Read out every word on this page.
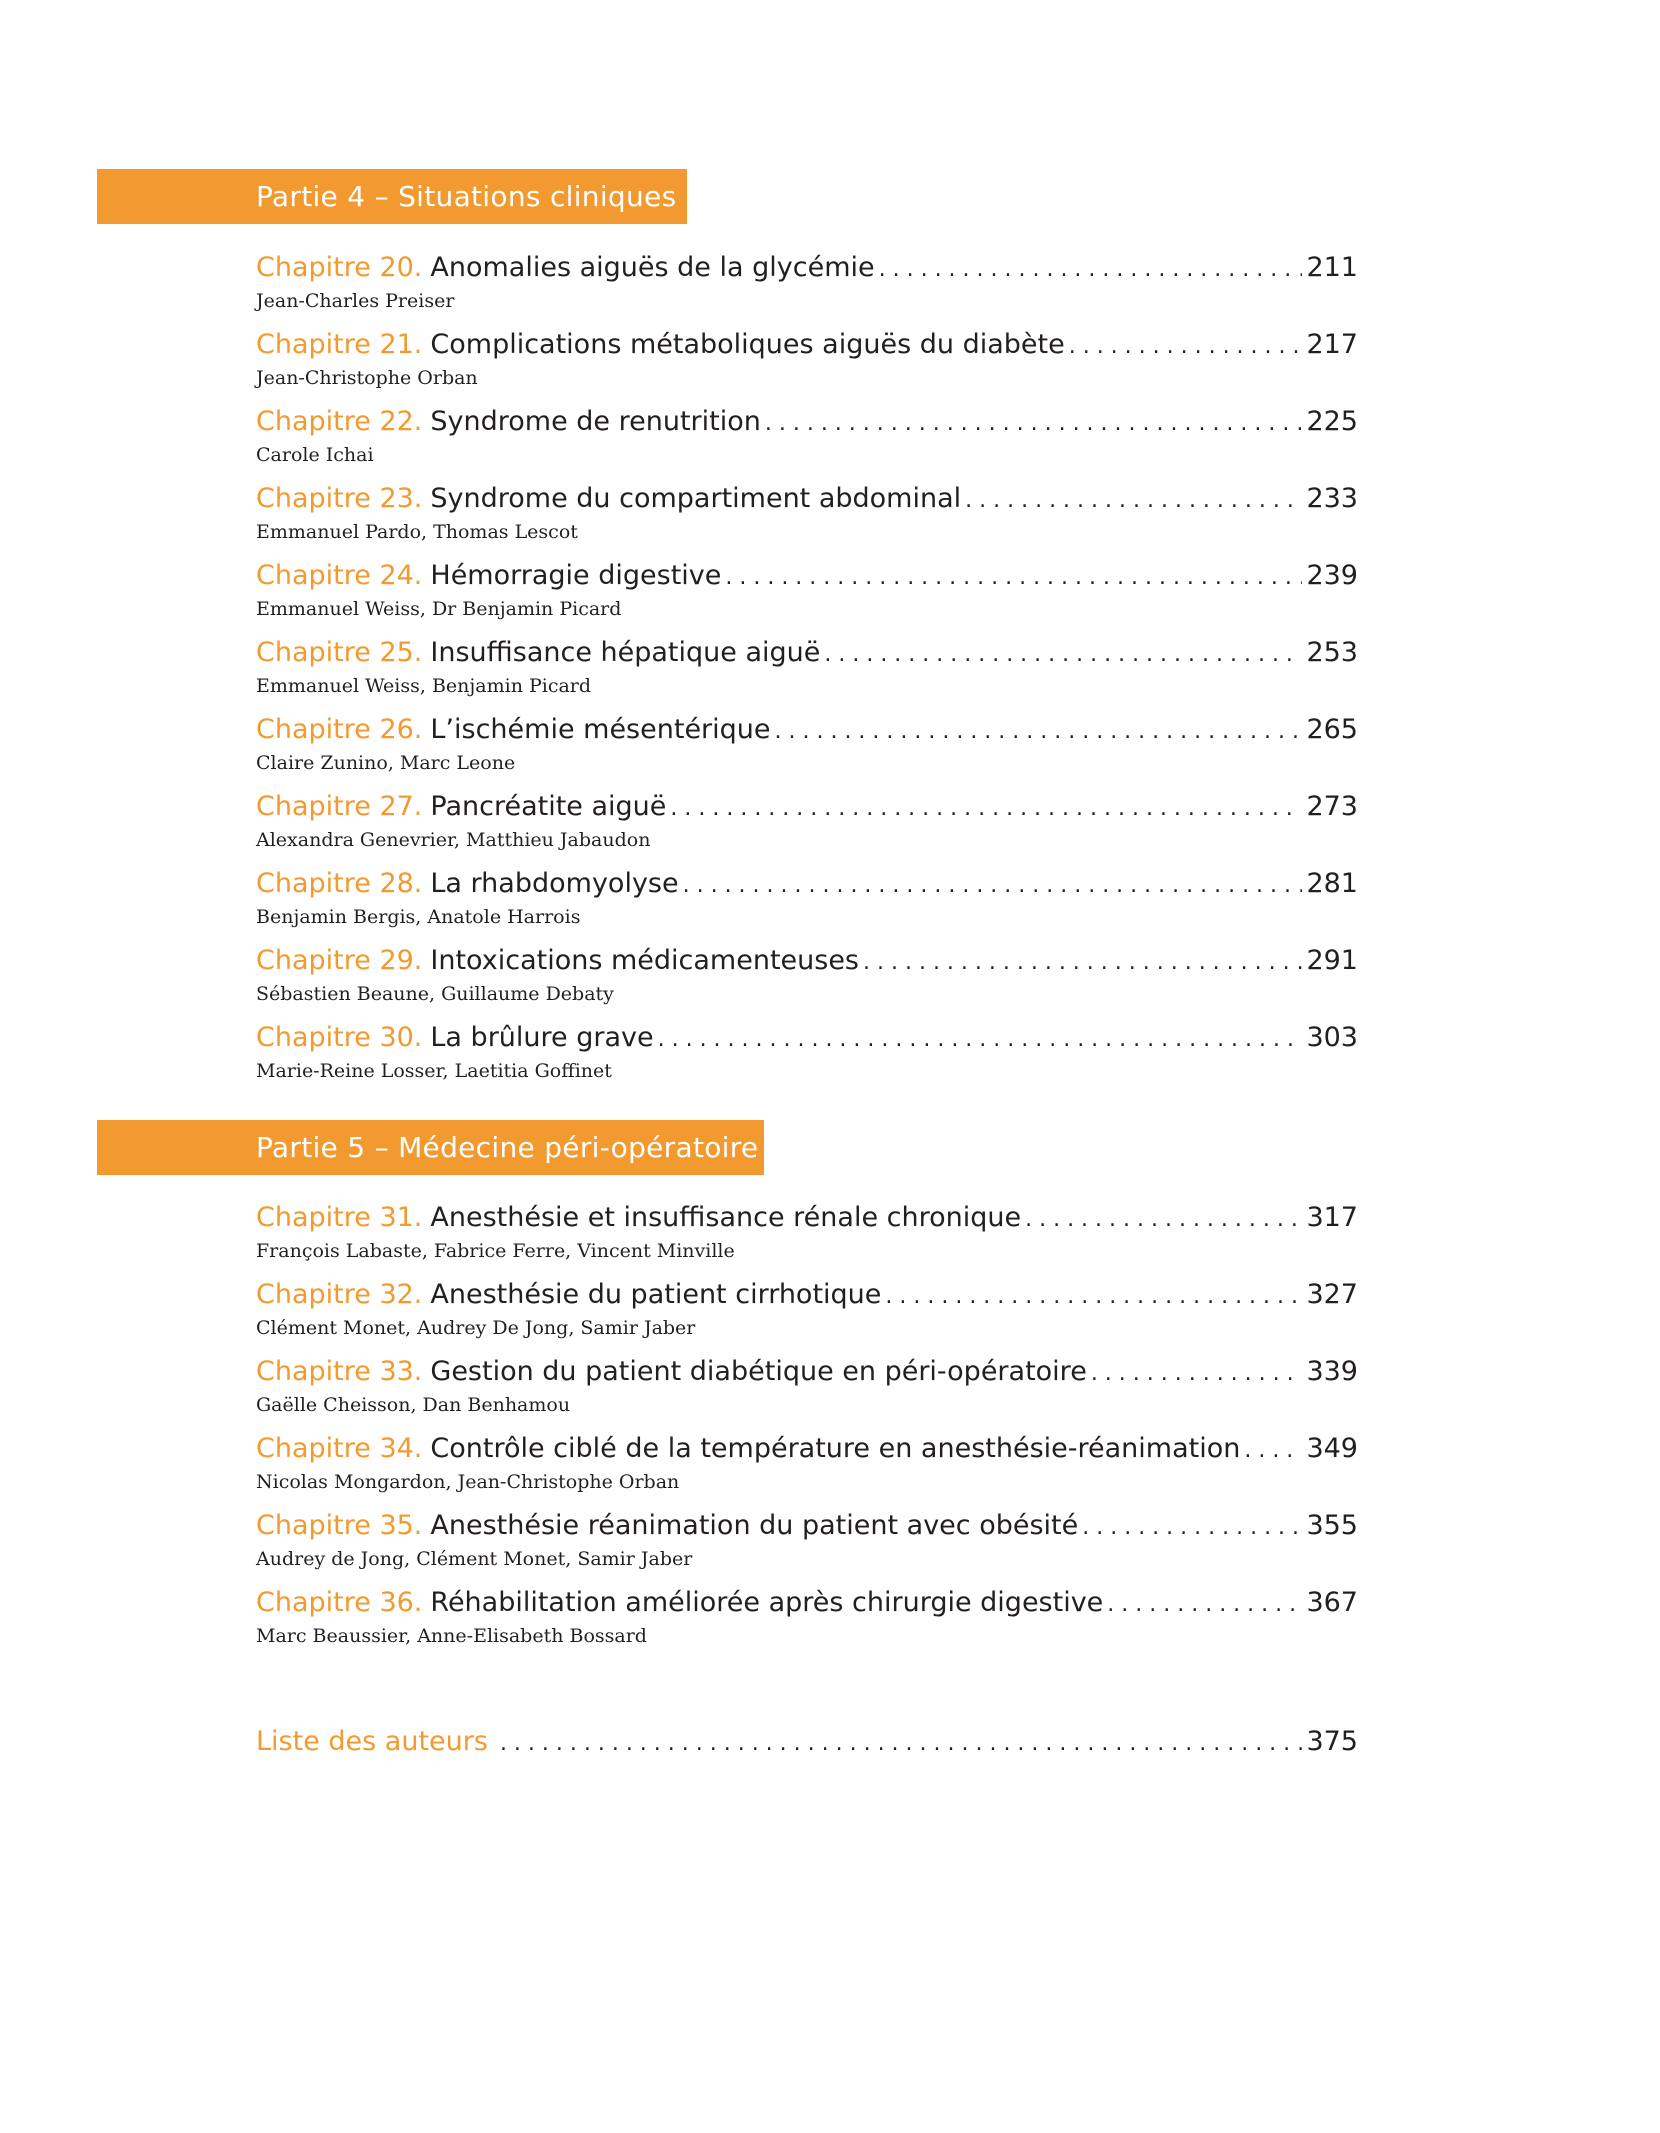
Partie 4 – Situations cliniques
Chapitre 20. Anomalies aiguës de la glycémie . . .	211
Jean-Charles Preiser
Chapitre 21. Complications métaboliques aiguës du diabète . . .	217
Jean-Christophe Orban
Chapitre 22. Syndrome de renutrition . . .	225
Carole Ichai
Chapitre 23. Syndrome du compartiment abdominal . . .	233
Emmanuel Pardo, Thomas Lescot
Chapitre 24. Hémorragie digestive . . .	239
Emmanuel Weiss, Dr Benjamin Picard
Chapitre 25. Insuffisance hépatique aiguë . . .	253
Emmanuel Weiss, Benjamin Picard
Chapitre 26. L’ischémie mésentérique . . .	265
Claire Zunino, Marc Leone
Chapitre 27. Pancréatite aiguë . . .	273
Alexandra Genevrier, Matthieu Jabaudon
Chapitre 28. La rhabdomyolyse . . .	281
Benjamin Bergis, Anatole Harrois
Chapitre 29. Intoxications médicamenteuses . . .	291
Sébastien Beaune, Guillaume Debaty
Chapitre 30. La brûlure grave . . .	303
Marie-Reine Losser, Laetitia Goffinet
Partie 5 – Médecine péri-opératoire
Chapitre 31. Anesthésie et insuffisance rénale chronique . . .	317
François Labaste, Fabrice Ferre, Vincent Minville
Chapitre 32. Anesthésie du patient cirrhotique . . .	327
Clément Monet, Audrey De Jong, Samir Jaber
Chapitre 33. Gestion du patient diabétique en péri-opératoire . . .	339
Gaëlle Cheisson, Dan Benhamou
Chapitre 34. Contrôle ciblé de la température en anesthésie-réanimation . . . 349
Nicolas Mongardon, Jean-Christophe Orban
Chapitre 35. Anesthésie réanimation du patient avec obésité . . .	355
Audrey de Jong, Clément Monet, Samir Jaber
Chapitre 36. Réhabilitation améliorée après chirurgie digestive . . .	367
Marc Beaussier, Anne-Elisabeth Bossard
Liste des auteurs . . .	375
